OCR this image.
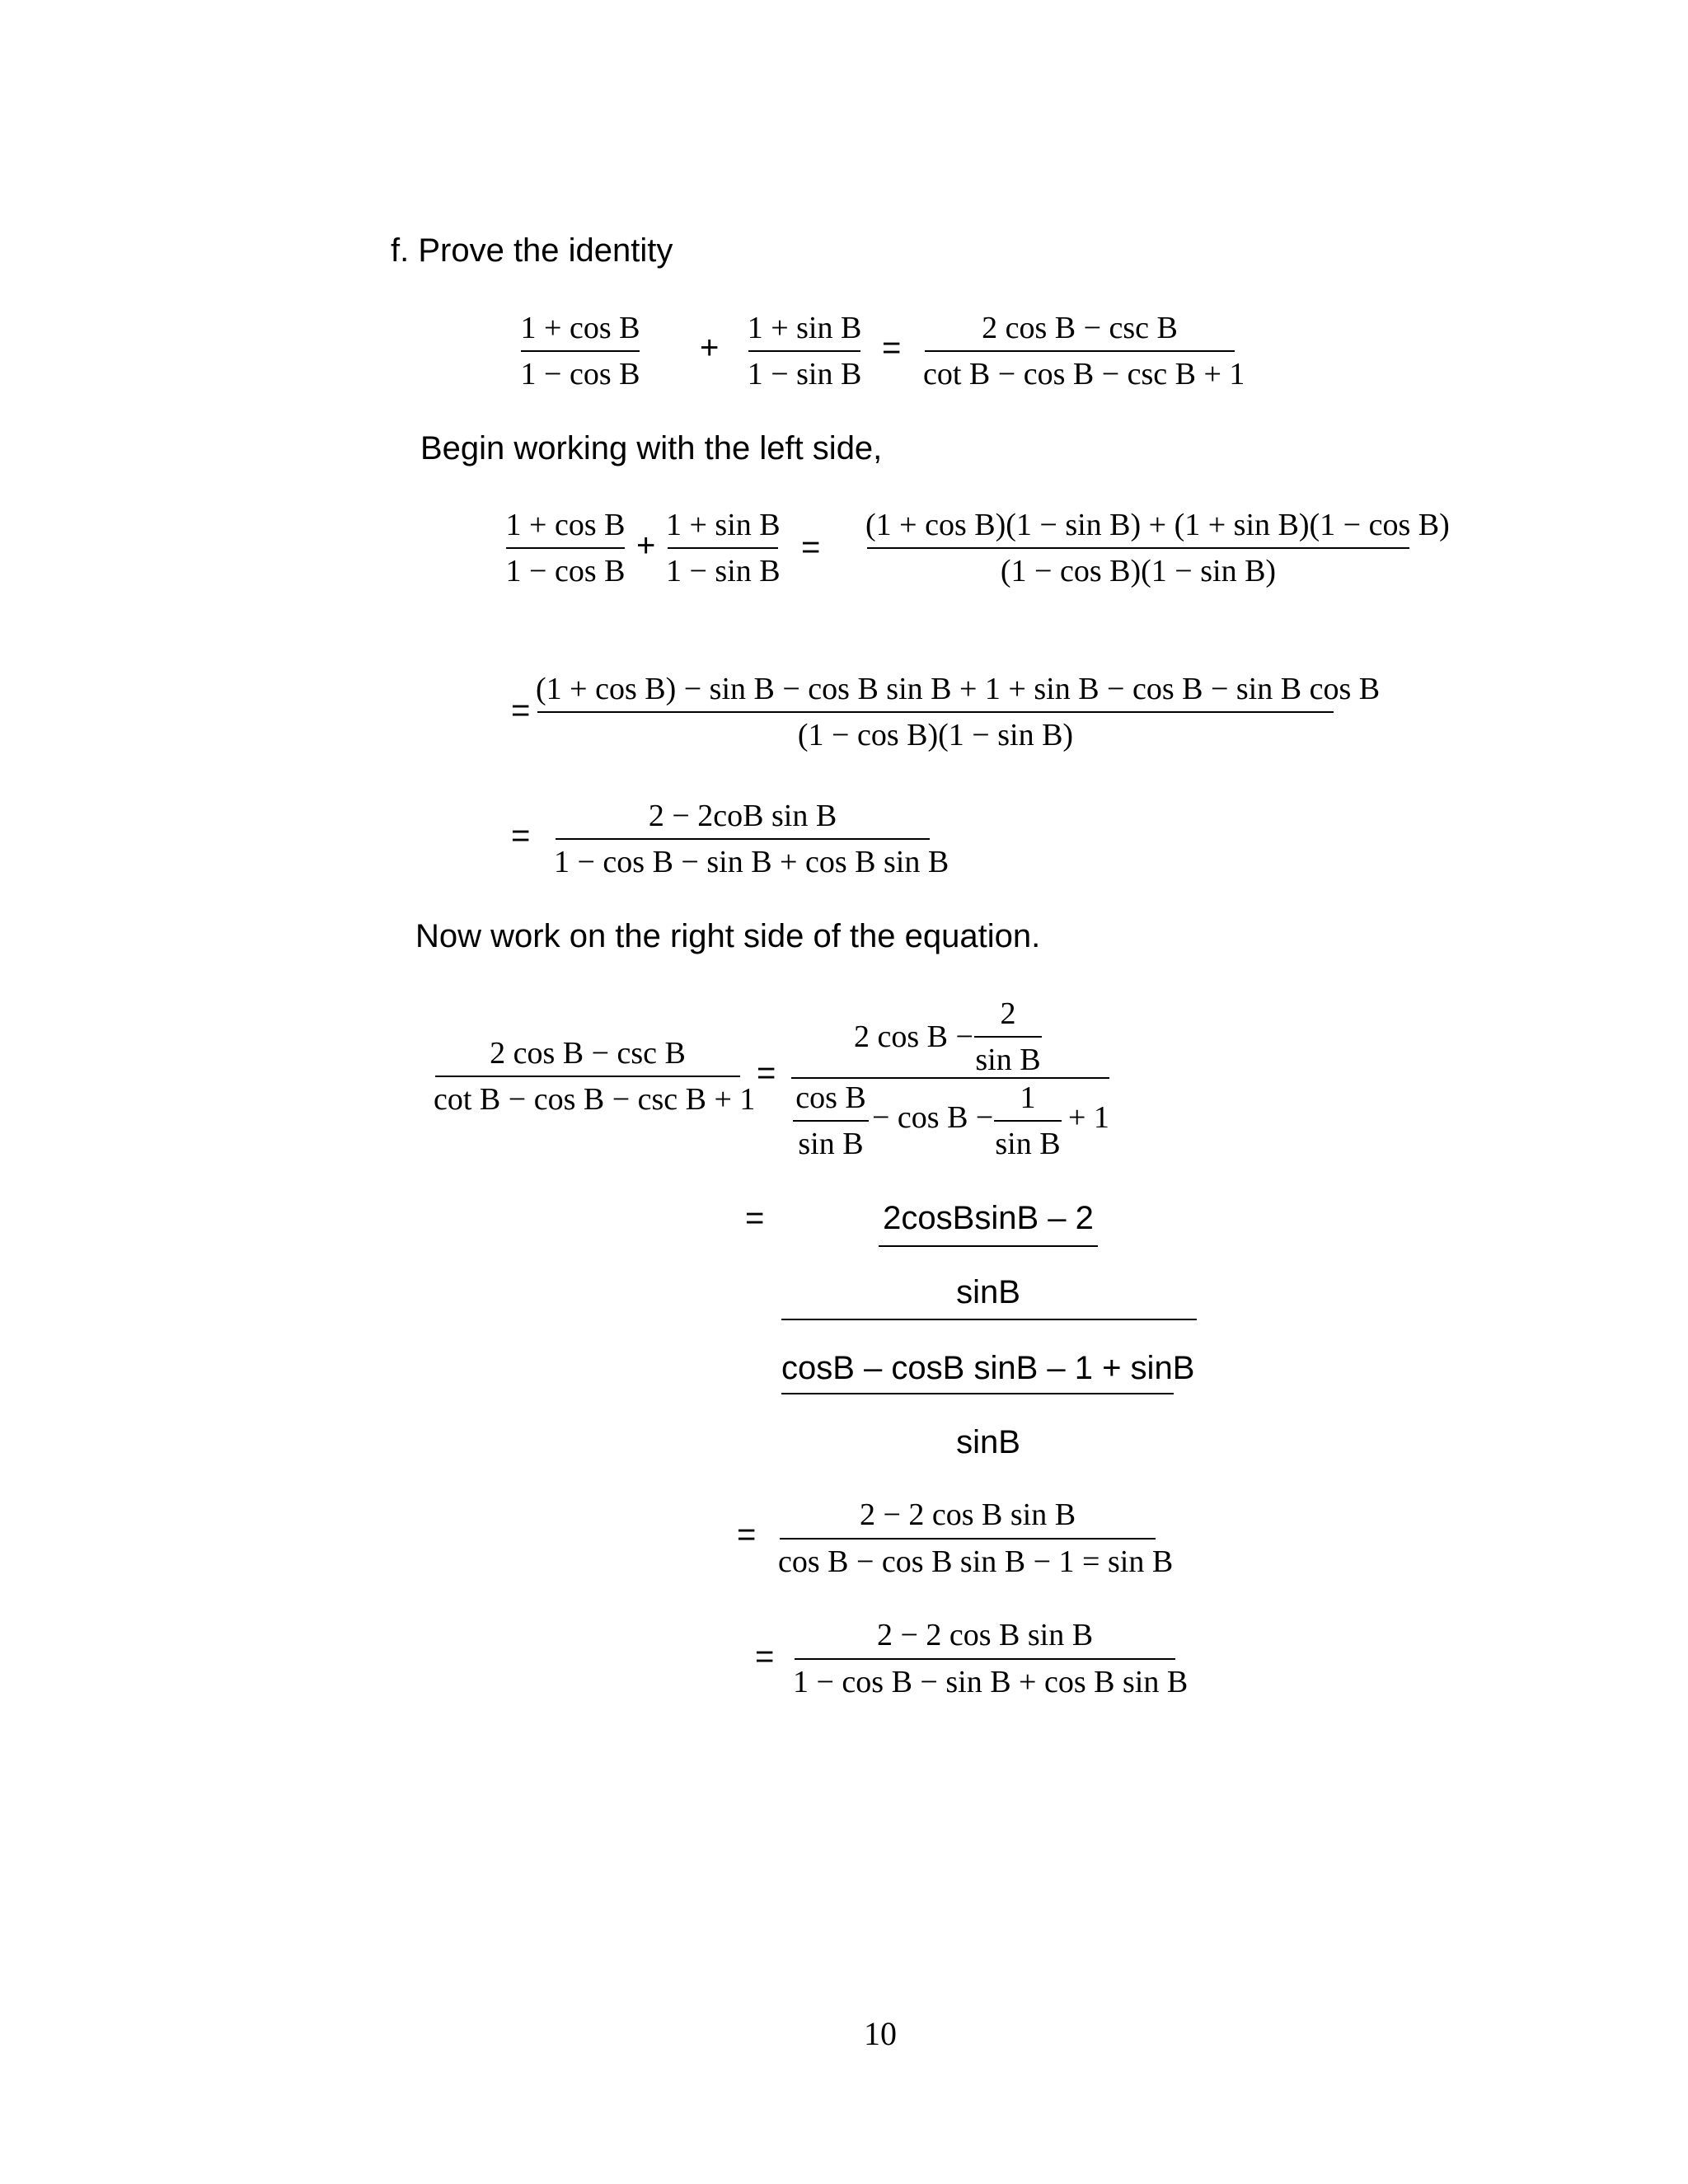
f. Prove the identity
1 + cos B
1 − cos B
+
1 + sin B
1 − sin B
=
2 cos B − csc B
cot B − cos B − csc B + 1
Begin working with the left side,
1 + cos B
1 − cos B
+
1 + sin B
1 − sin B
=
(1 + cos B)(1 − sin B) + (1 + sin B)(1 − cos B)
(1 − cos B)(1 − sin B)
=
(1 + cos B) − sin B − cos B sin B + 1 + sin B − cos B − sin B cos B
(1 − cos B)(1 − sin B)
=
2 − 2coB sin B
1 − cos B − sin B + cos B sin B
Now work on the right side of the equation.
2 cos B − csc B
cot B − cos B − csc B + 1
=
2 cos B −
2
sin B
cos B
sin B
− cos B −
1
sin B
+ 1
=	2cosBsinB – 2
sinB
cosB – cosB sinB – 1 + sinB
sinB
=
2 − 2 cos B sin B
cos B − cos B sin B − 1 = sin B
=
2 − 2 cos B sin B
1 − cos B − sin B + cos B sin B
10
